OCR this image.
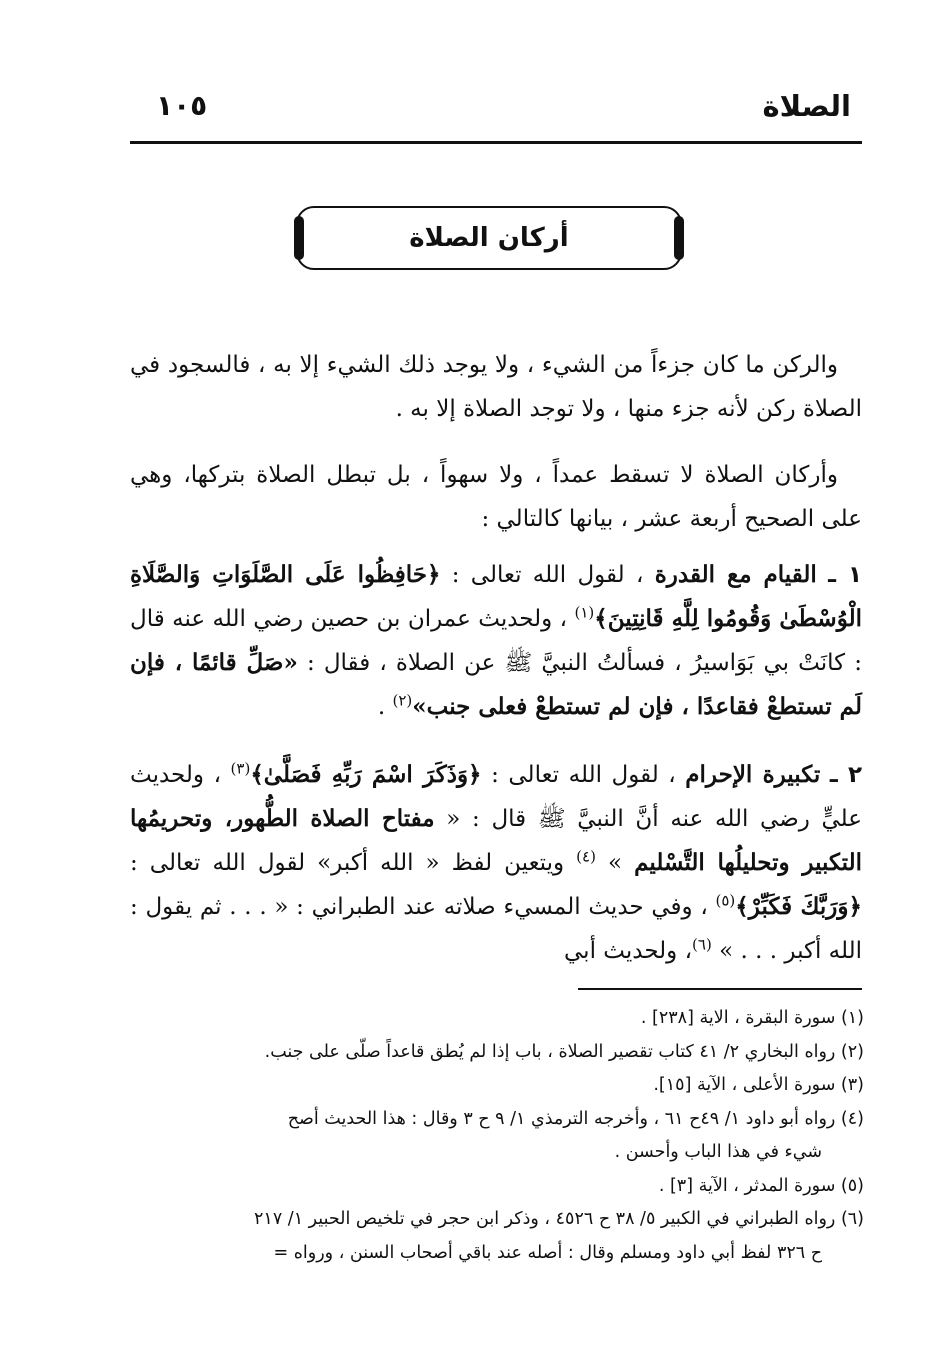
الصلاة
١٠٥
أركان الصلاة

والركن ما كان جزءاً من الشيء ، ولا يوجد ذلك الشيء إلا به ، فالسجود في الصلاة ركن لأنه جزء منها ، ولا توجد الصلاة إلا به .

وأركان الصلاة لا تسقط عمداً ، ولا سهواً ، بل تبطل الصلاة بتركها، وهي على الصحيح أربعة عشر ، بيانها كالتالي :

١ ـ القيام مع القدرة ، لقول الله تعالى : ﴿حَافِظُوا عَلَى الصَّلَوَاتِ وَالصَّلَاةِ الْوُسْطَىٰ وَقُومُوا لِلَّهِ قَانِتِينَ﴾$^{(١)}$ ، ولحديث عمران بن حصين رضي الله عنه قال : كانَتْ بي بَوَاسيرُ ، فسألتُ النبيَّ ﷺ عن الصلاة ، فقال : «صَلِّ قائمًا ، فإن لَم تستطعْ فقاعدًا ، فإن لم تستطعْ فعلى جنب»$^{(٢)}$ .

٢ ـ تكبيرة الإحرام ، لقول الله تعالى : ﴿وَذَكَرَ اسْمَ رَبِّهِ فَصَلَّىٰ﴾$^{(٣)}$ ، ولحديث عليٍّ رضي الله عنه أنَّ النبيَّ ﷺ قال : « مفتاح الصلاة الطُّهور، وتحريمُها التكبير وتحليلُها التَّسْليم » $^{(٤)}$ ويتعين لفظ « الله أكبر» لقول الله تعالى : ﴿وَرَبَّكَ فَكَبِّرْ﴾$^{(٥)}$ ، وفي حديث المسيء صلاته عند الطبراني : « . . . ثم يقول : الله أكبر . . . » $^{(٦)}$، ولحديث أبي

(١) سورة البقرة ، الاية [٢٣٨] .

(٢) رواه البخاري ٢/ ٤١ كتاب تقصير الصلاة ، باب إذا لم يُطق قاعداً صلّى على جنب.

(٣) سورة الأعلى ، الآية [١٥].

(٤) رواه أبو داود ١/ ٤٩ح ٦١ ، وأخرجه الترمذي ١/ ٩ ح ٣ وقال : هذا الحديث أصح

شيء في هذا الباب وأحسن .

(٥) سورة المدثر ، الآية [٣] .

(٦) رواه الطبراني في الكبير ٥/ ٣٨ ح ٤٥٢٦ ، وذكر ابن حجر في تلخيص الحبير ١/ ٢١٧

ح ٣٢٦ لفظ أبي داود ومسلم وقال : أصله عند باقي أصحاب السنن ، ورواه =
